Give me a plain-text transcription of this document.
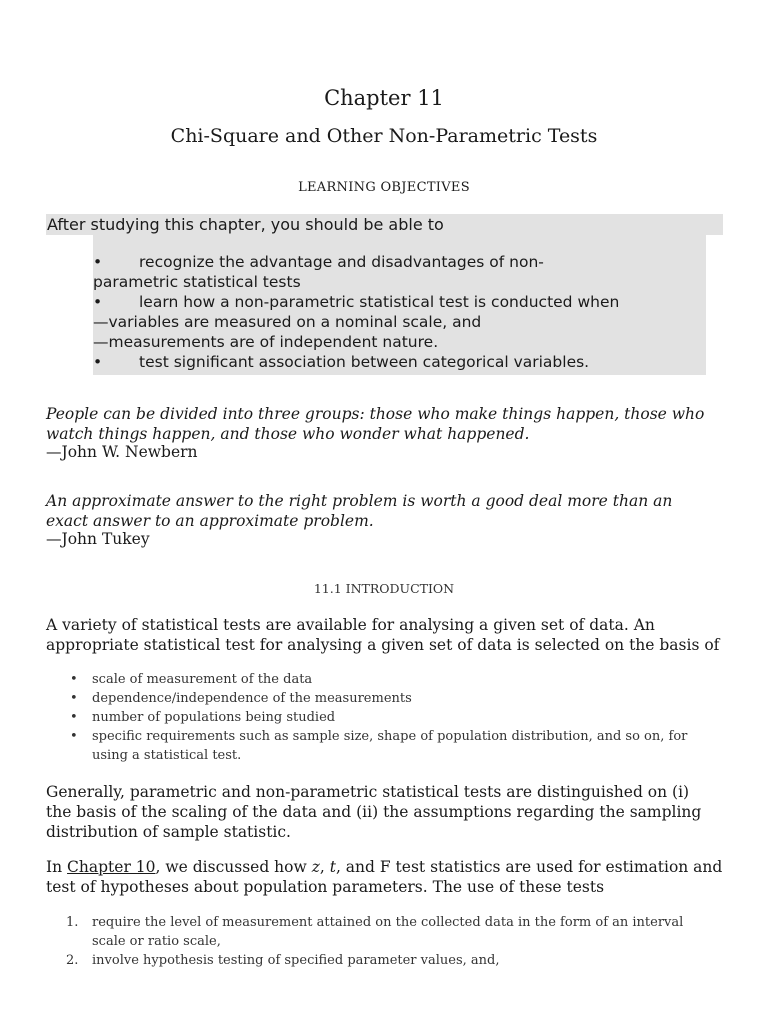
Chapter 11
Chi-Square and Other Non-Parametric Tests
LEARNING OBJECTIVES
After studying this chapter, you should be able to
• recognize the advantage and disadvantages of non-
parametric statistical tests
• learn how a non-parametric statistical test is conducted when
—variables are measured on a nominal scale, and
—measurements are of independent nature.
• test significant association between categorical variables.
People can be divided into three groups: those who make things happen, those who
watch things happen, and those who wonder what happened.
—John W. Newbern
An approximate answer to the right problem is worth a good deal more than an
exact answer to an approximate problem.
—John Tukey
11.1 INTRODUCTION
A variety of statistical tests are available for analysing a given set of data. An
appropriate statistical test for analysing a given set of data is selected on the basis of
• scale of measurement of the data
• dependence/independence of the measurements
• number of populations being studied
• specific requirements such as sample size, shape of population distribution, and so on, for
using a statistical test.
Generally, parametric and non-parametric statistical tests are distinguished on (i)
the basis of the scaling of the data and (ii) the assumptions regarding the sampling
distribution of sample statistic.
In Chapter 10, we discussed how z, t, and F test statistics are used for estimation and
test of hypotheses about population parameters. The use of these tests
1. require the level of measurement attained on the collected data in the form of an interval
scale or ratio scale,
2. involve hypothesis testing of specified parameter values, and,
